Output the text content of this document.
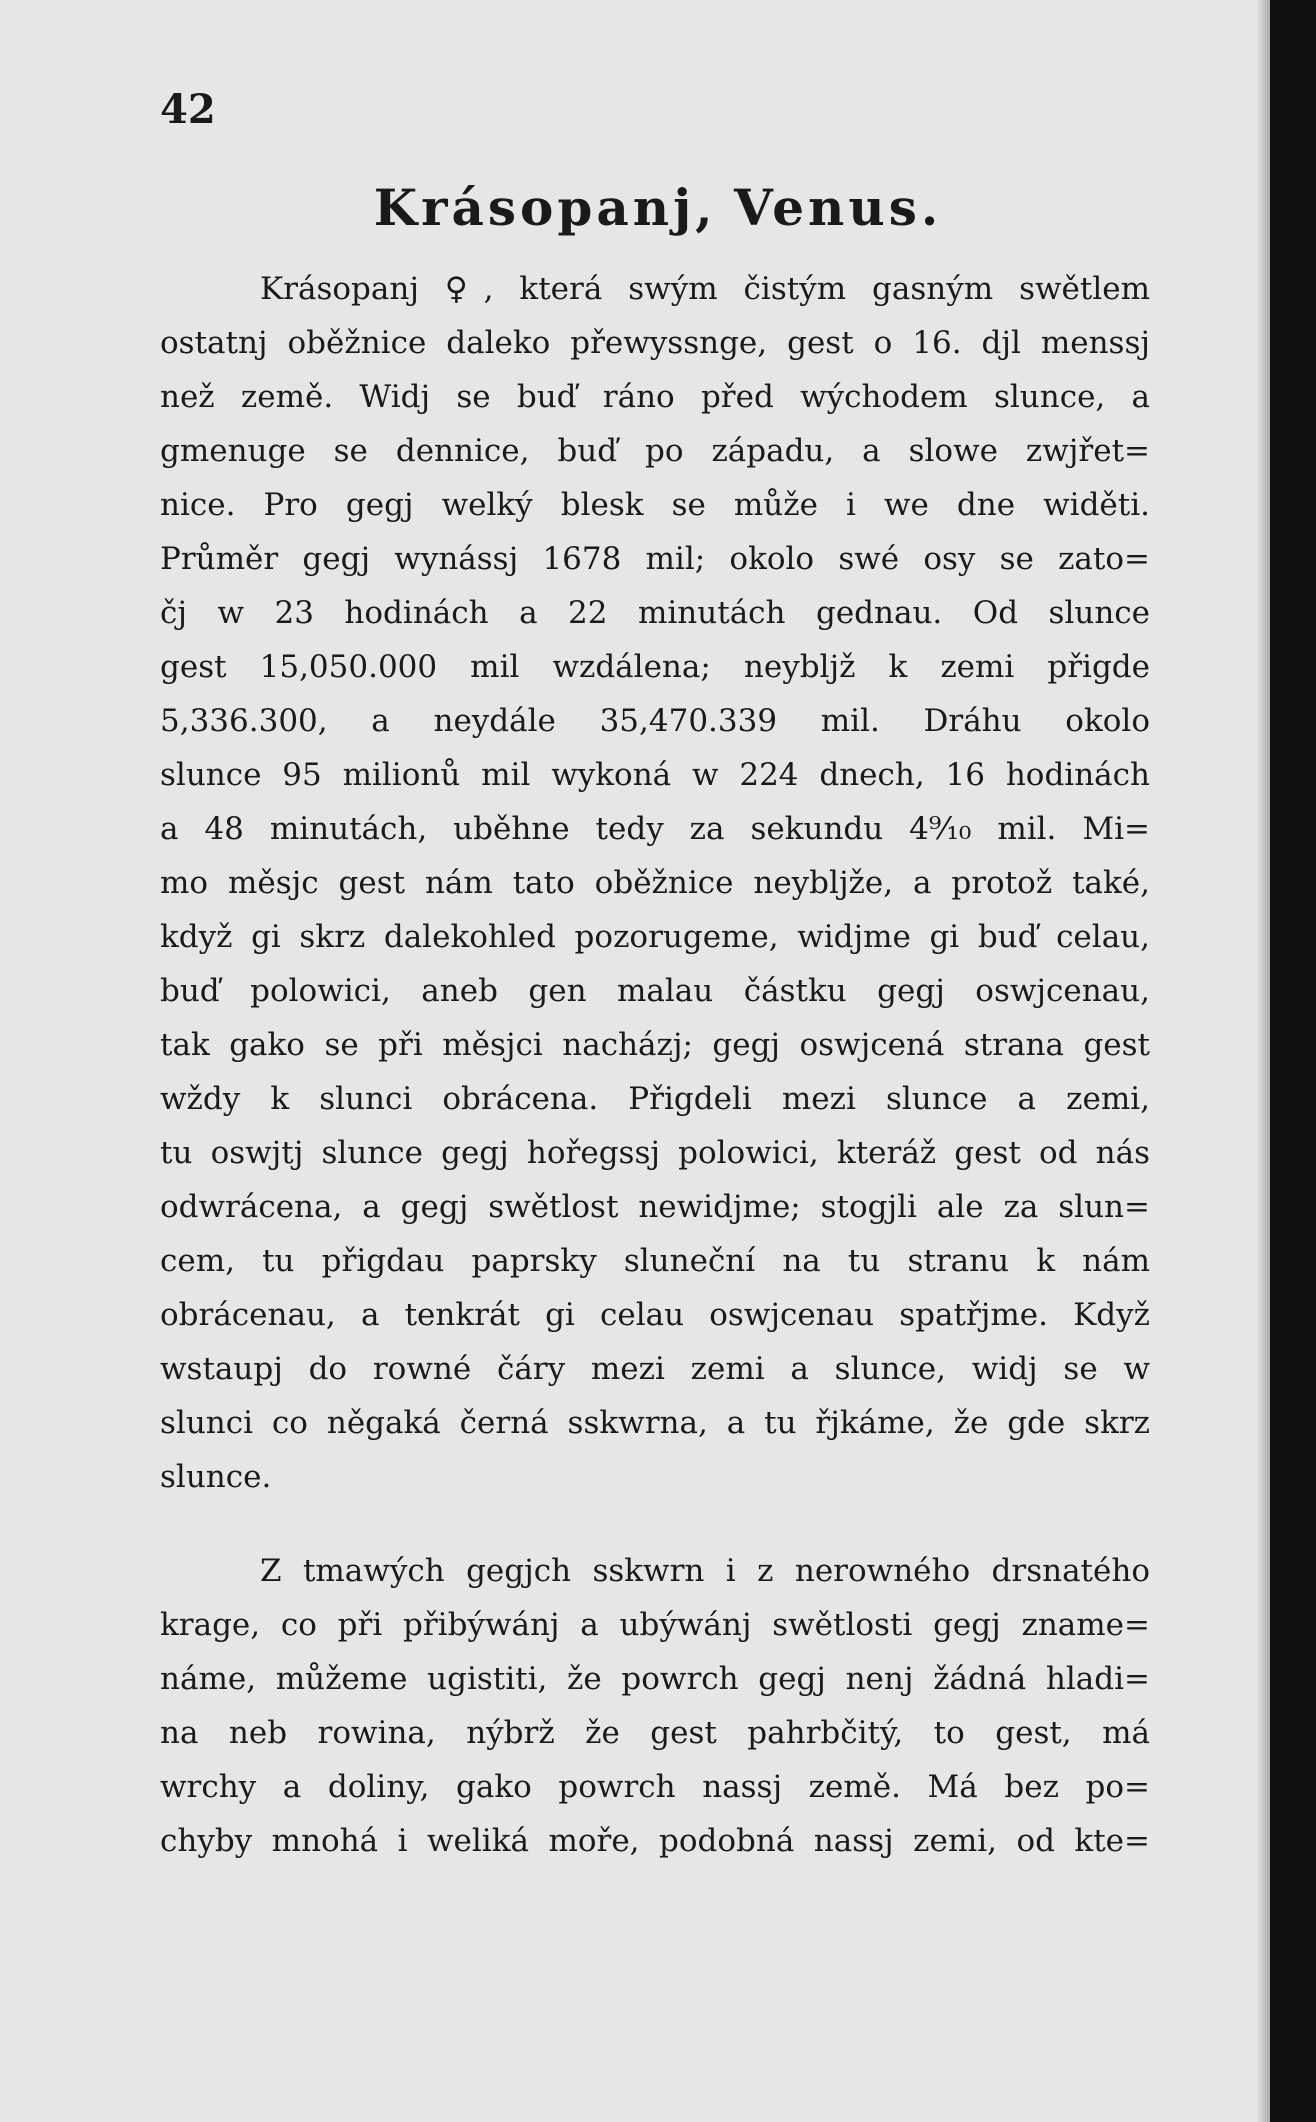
42
Krásopanj, Venus.
Krásopanj ♀, která swým čistým gasným swětlem
ostatnj oběžnice daleko přewyssnge, gest o 16. djl menssj
než země. Widj se buď ráno před wýchodem slunce, a
gmenuge se dennice, buď po západu, a slowe zwjřet=
nice. Pro gegj welký blesk se může i we dne widěti.
Průměr gegj wynássj 1678 mil; okolo swé osy se zato=
čj w 23 hodinách a 22 minutách gednau. Od slunce
gest 15,050.000 mil wzdálena; neybljž k zemi přigde
5,336.300, a neydále 35,470.339 mil. Dráhu okolo
slunce 95 milionů mil wykoná w 224 dnech, 16 hodinách
a 48 minutách, uběhne tedy za sekundu 4⁹⁄₁₀ mil. Mi=
mo měsjc gest nám tato oběžnice neybljže, a protož také,
když gi skrz dalekohled pozorugeme, widjme gi buď celau,
buď polowici, aneb gen malau částku gegj oswjcenau,
tak gako se při měsjci nacházj; gegj oswjcená strana gest
wždy k slunci obrácena. Přigdeli mezi slunce a zemi,
tu oswjtj slunce gegj hořegssj polowici, kteráž gest od nás
odwrácena, a gegj swětlost newidjme; stogjli ale za slun=
cem, tu přigdau paprsky sluneční na tu stranu k nám
obrácenau, a tenkrát gi celau oswjcenau spatřjme. Když
wstaupj do rowné čáry mezi zemi a slunce, widj se w
slunci co něgaká černá sskwrna, a tu řjkáme, že gde skrz
slunce.
Z tmawých gegjch sskwrn i z nerowného drsnatého
krage, co při přibýwánj a ubýwánj swětlosti gegj zname=
náme, můžeme ugistiti, že powrch gegj nenj žádná hladi=
na neb rowina, nýbrž že gest pahrbčitý, to gest, má
wrchy a doliny, gako powrch nassj země. Má bez po=
chyby mnohá i weliká moře, podobná nassj zemi, od kte=
